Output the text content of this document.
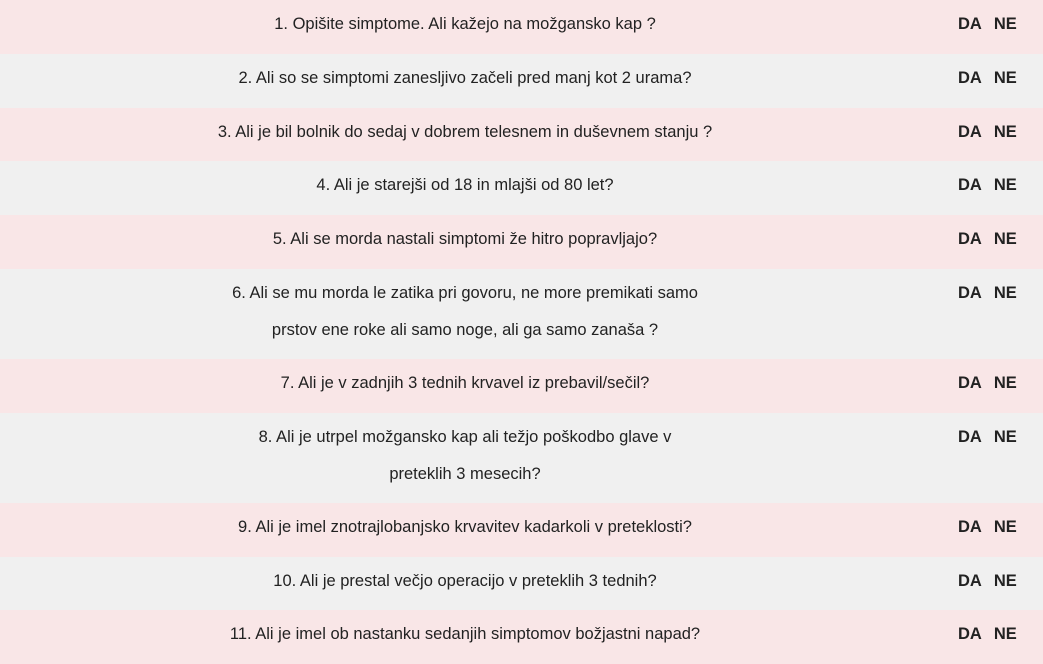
1. Opišite simptome. Ali kažejo na možgansko kap ?	DA NE
2. Ali so se simptomi zanesljivo začeli pred manj kot 2 urama?	DA NE
3. Ali je bil bolnik do sedaj v dobrem telesnem in duševnem stanju ?	DA NE
4. Ali je starejši od 18 in mlajši od 80 let?	DA NE
5. Ali se morda nastali simptomi že hitro popravljajo?	DA NE
6. Ali se mu morda le zatika pri govoru, ne more premikati samo
prstov ene roke ali samo noge, ali ga samo zanaša ?
DA NE
7. Ali je v zadnjih 3 tednih krvavel iz prebavil/sečil?	DA NE
8. Ali je utrpel možgansko kap ali težjo poškodbo glave v
preteklih 3 mesecih?
DA NE
9. Ali je imel znotrajlobanjsko krvavitev kadarkoli v preteklosti?	DA NE
10. Ali je prestal večjo operacijo v preteklih 3 tednih?	DA NE
11. Ali je imel ob nastanku sedanjih simptomov božjastni napad?	DA NE
